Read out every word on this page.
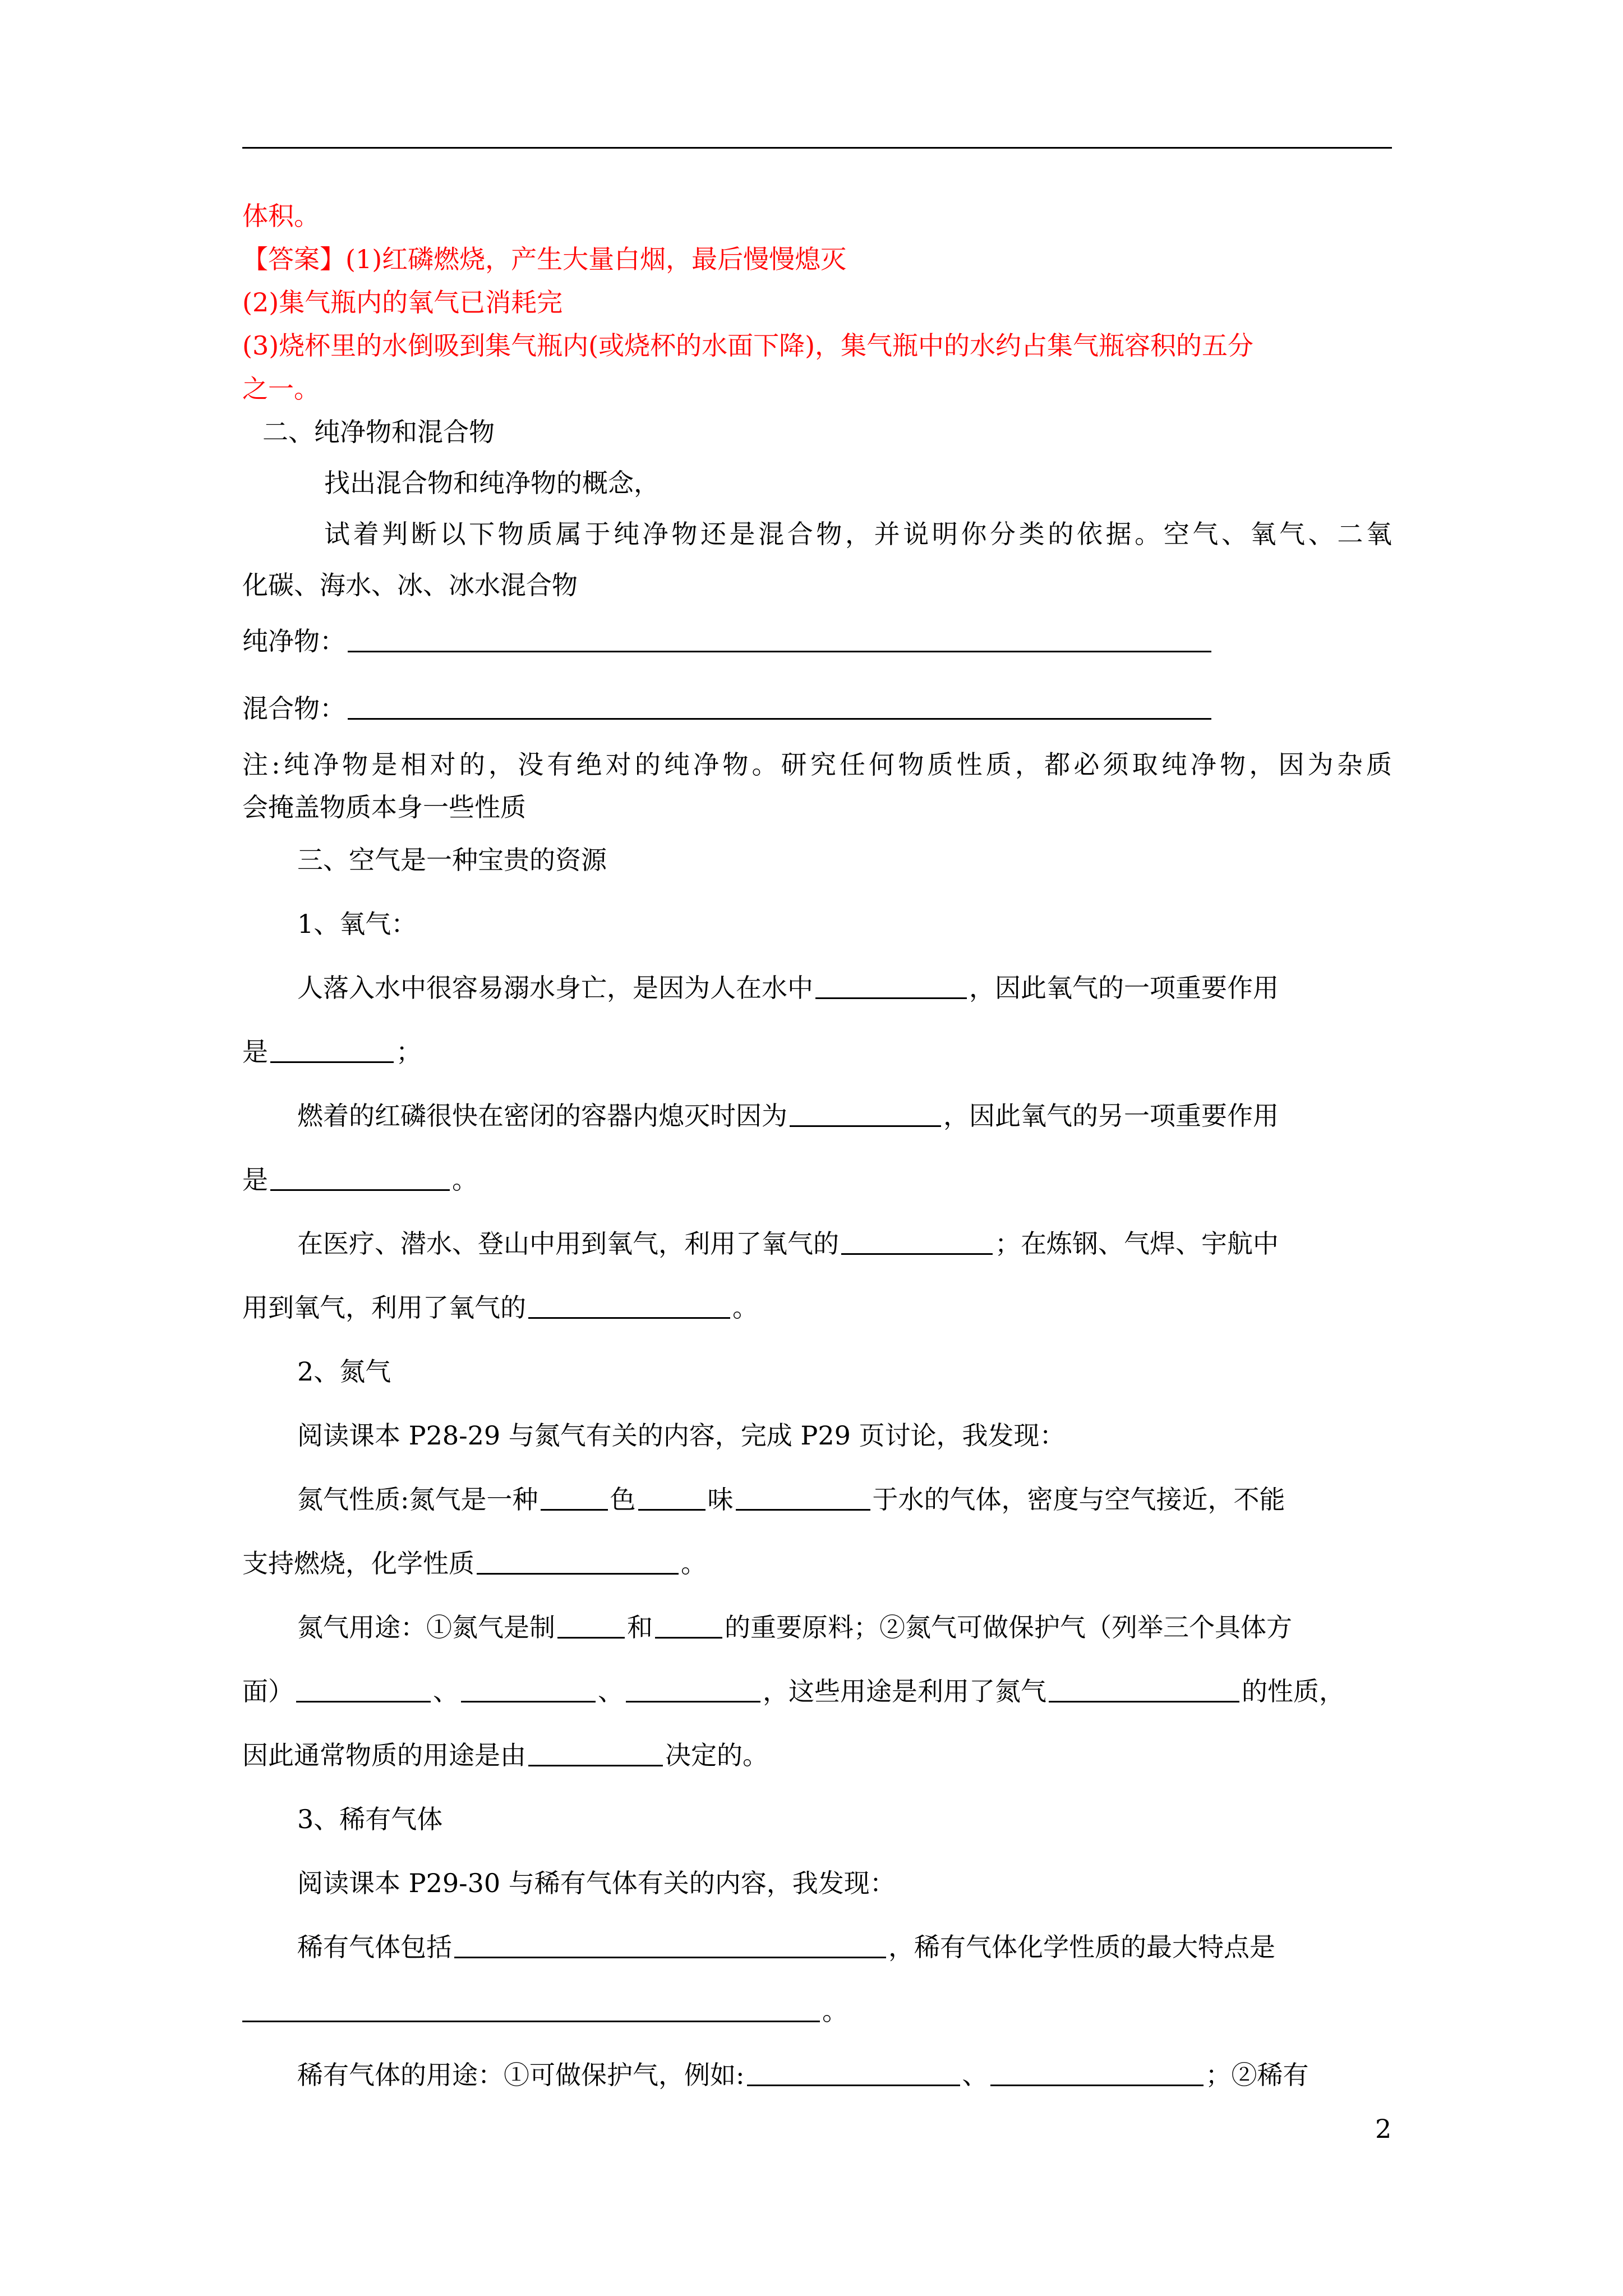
体积。
【答案】(1)红磷燃烧，产生大量白烟，最后慢慢熄灭
(2)集气瓶内的氧气已消耗完
(3)烧杯里的水倒吸到集气瓶内(或烧杯的水面下降)，集气瓶中的水约占集气瓶容积的五分
之一。
二、纯净物和混合物
找出混合物和纯净物的概念，
试着判断以下物质属于纯净物还是混合物，并说明你分类的依据。空气、氧气、二氧
化碳、海水、冰、冰水混合物
纯净物：
混合物：
注:纯净物是相对的，没有绝对的纯净物。研究任何物质性质，都必须取纯净物，因为杂质
会掩盖物质本身一些性质
三、空气是一种宝贵的资源
1、氧气：
人落入水中很容易溺水身亡，是因为人在水中	，因此氧气的一项重要作用
是	；
燃着的红磷很快在密闭的容器内熄灭时因为	，因此氧气的另一项重要作用
是	。
在医疗、潜水、登山中用到氧气，利用了氧气的	；在炼钢、气焊、宇航中
用到氧气，利用了氧气的	。
2、氮气
阅读课本 P28-29 与氮气有关的内容，完成 P29 页讨论，我发现：
氮气性质:氮气是一种	色	味	于水的气体，密度与空气接近，不能
支持燃烧，化学性质	。
氮气用途：①氮气是制	和	的重要原料；②氮气可做保护气（列举三个具体方
面）	、	、	，这些用途是利用了氮气	的性质，
因此通常物质的用途是由	决定的。
3、稀有气体
阅读课本 P29-30 与稀有气体有关的内容，我发现：
稀有气体包括	，稀有气体化学性质的最大特点是
。
稀有气体的用途：①可做保护气，例如:	、	；②稀有
2
